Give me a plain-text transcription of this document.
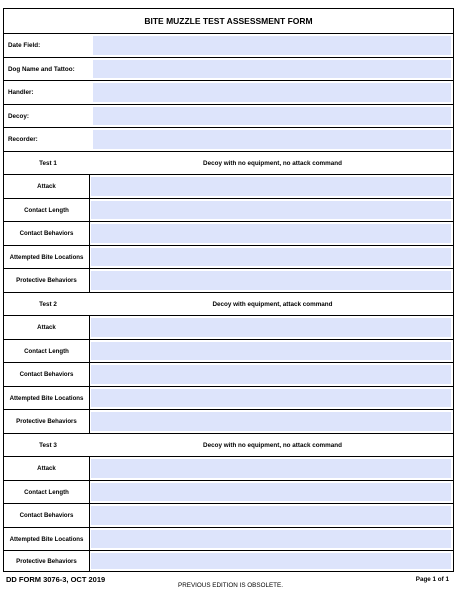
BITE MUZZLE TEST ASSESSMENT FORM
Date Field:
Dog Name and Tattoo:
Handler:
Decoy:
Recorder:
Test 1	Decoy with no equipment, no attack command
Attack
Contact Length
Contact Behaviors
Attempted Bite Locations
Protective Behaviors
Test 2	Decoy with equipment, attack command
Attack
Contact Length
Contact Behaviors
Attempted Bite Locations
Protective Behaviors
Test 3	Decoy with no equipment, no attack command
Attack
Contact Length
Contact Behaviors
Attempted Bite Locations
Protective Behaviors
DD FORM 3076-3, OCT 2019
PREVIOUS EDITION IS OBSOLETE.
Page 1 of 1
